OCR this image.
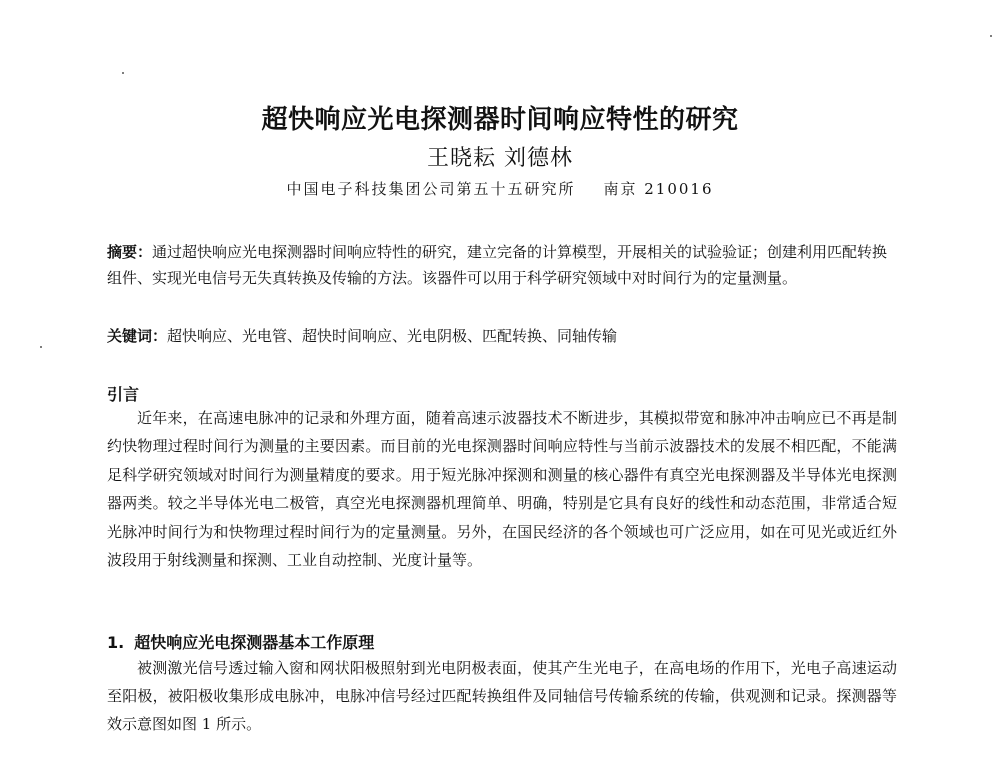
超快响应光电探测器时间响应特性的研究
王晓耘 刘德林
中国电子科技集团公司第五十五研究所 南京 210016
摘要：通过超快响应光电探测器时间响应特性的研究，建立完备的计算模型，开展相关的试验验证；创建利用匹配转换组件、实现光电信号无失真转换及传输的方法。该器件可以用于科学研究领域中对时间行为的定量测量。
关键词：超快响应、光电管、超快时间响应、光电阴极、匹配转换、同轴传输
引言
近年来，在高速电脉冲的记录和外理方面，随着高速示波器技术不断进步，其模拟带宽和脉冲冲击响应已不再是制约快物理过程时间行为测量的主要因素。而目前的光电探测器时间响应特性与当前示波器技术的发展不相匹配，不能满足科学研究领域对时间行为测量精度的要求。用于短光脉冲探测和测量的核心器件有真空光电探测器及半导体光电探测器两类。较之半导体光电二极管，真空光电探测器机理简单、明确，特别是它具有良好的线性和动态范围，非常适合短光脉冲时间行为和快物理过程时间行为的定量测量。另外，在国民经济的各个领域也可广泛应用，如在可见光或近红外波段用于射线测量和探测、工业自动控制、光度计量等。
1. 超快响应光电探测器基本工作原理
被测激光信号透过输入窗和网状阳极照射到光电阴极表面，使其产生光电子，在高电场的作用下，光电子高速运动至阳极，被阳极收集形成电脉冲，电脉冲信号经过匹配转换组件及同轴信号传输系统的传输，供观测和记录。探测器等效示意图如图 1 所示。
